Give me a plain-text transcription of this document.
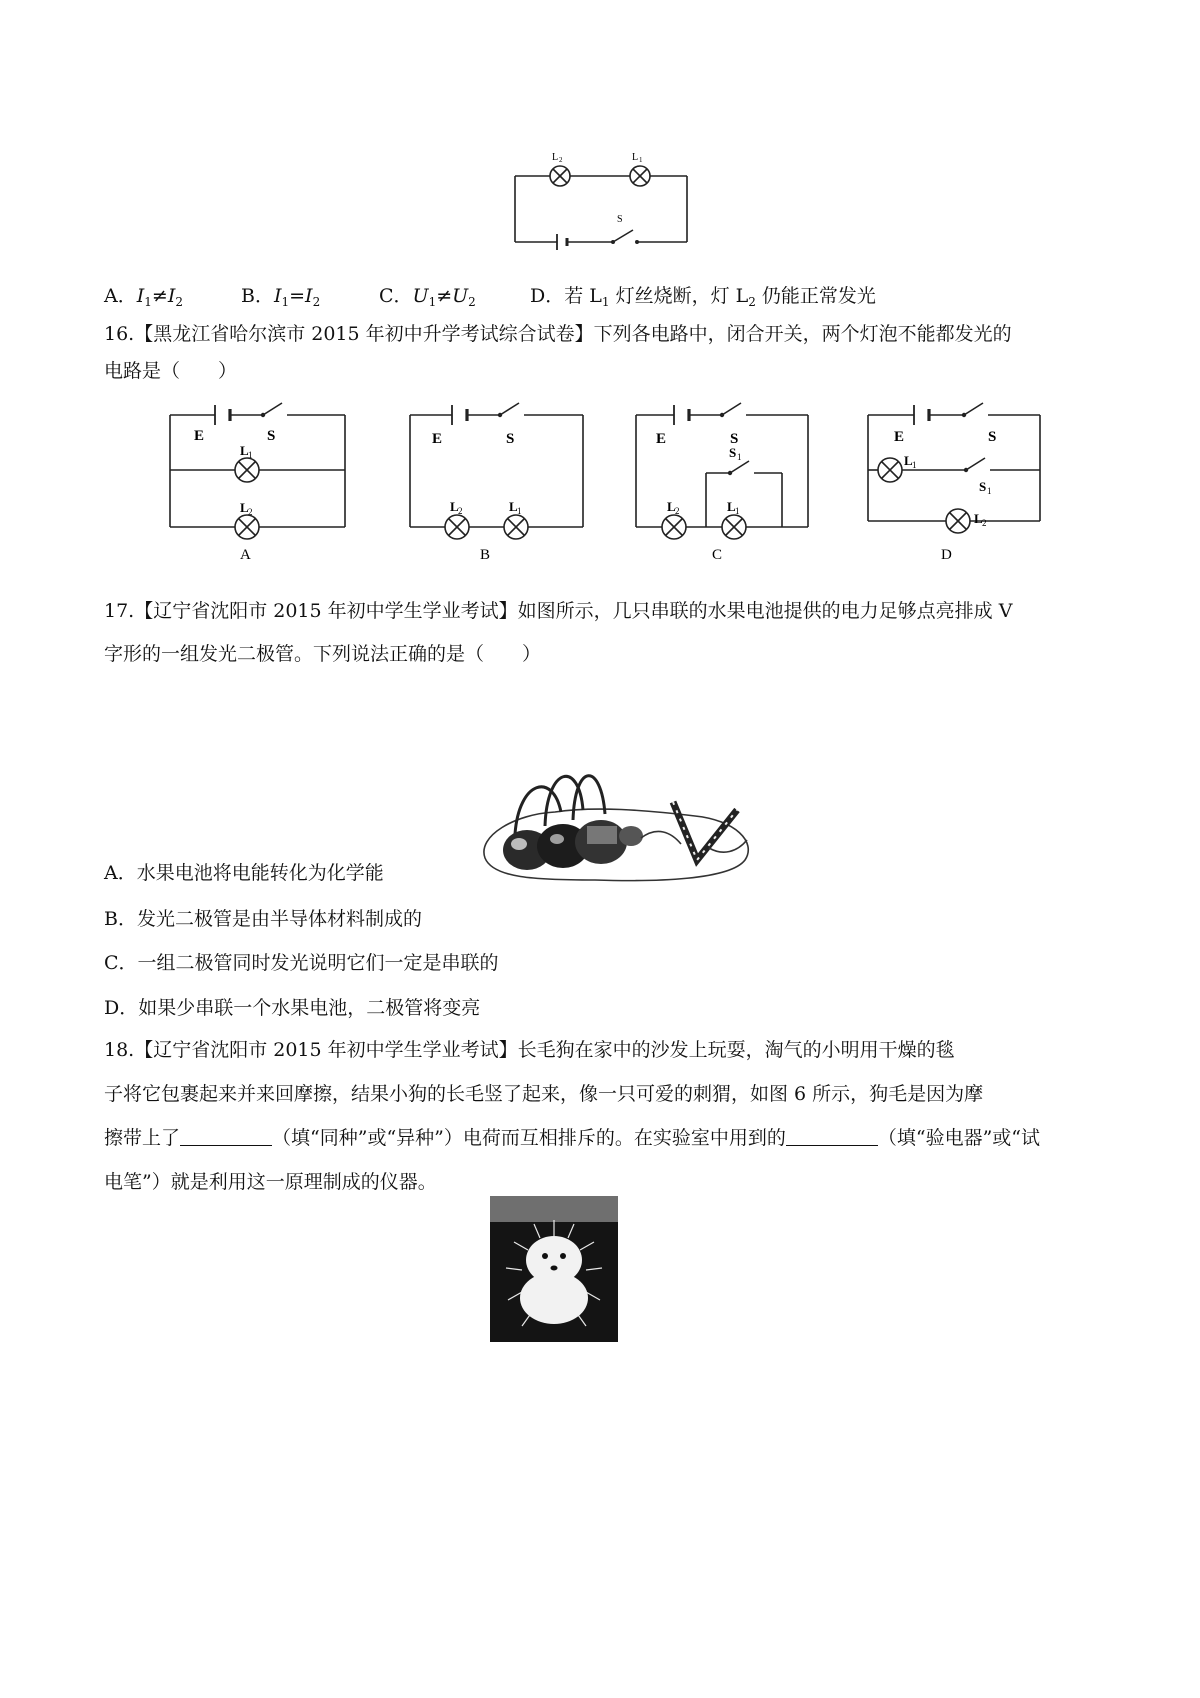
L 2	L 1
S
A．$I_1\ne I_2$	B．$I_1=I_2$	C．$U_1\ne U_2$	D．若 $L_1$ 灯丝烧断，灯 $L_2$ 仍能正常发光
16.【黑龙江省哈尔滨市 2015 年初中升学考试综合试卷】下列各电路中，闭合开关，两个灯泡不能都发光的
电路是（　　）
E	S
L 1
L 2
A
E	S
L 2	L 1
B
E	S
S 1
L 2	L 1
C
E	S
L 1
S 1
L 2
D
17.【辽宁省沈阳市 2015 年初中学生学业考试】如图所示，几只串联的水果电池提供的电力足够点亮排成 V
字形的一组发光二极管。下列说法正确的是（　　）
A．水果电池将电能转化为化学能
B．发光二极管是由半导体材料制成的
C．一组二极管同时发光说明它们一定是串联的
D．如果少串联一个水果电池，二极管将变亮
18.【辽宁省沈阳市 2015 年初中学生学业考试】长毛狗在家中的沙发上玩耍，淘气的小明用干燥的毯
子将它包裹起来并来回摩擦，结果小狗的长毛竖了起来，像一只可爱的刺猬，如图 6 所示，狗毛是因为摩
擦带上了	（填“同种”或“异种”）电荷而互相排斥的。在实验室中用到的	（填“验电器”或“试
电笔”）就是利用这一原理制成的仪器。
